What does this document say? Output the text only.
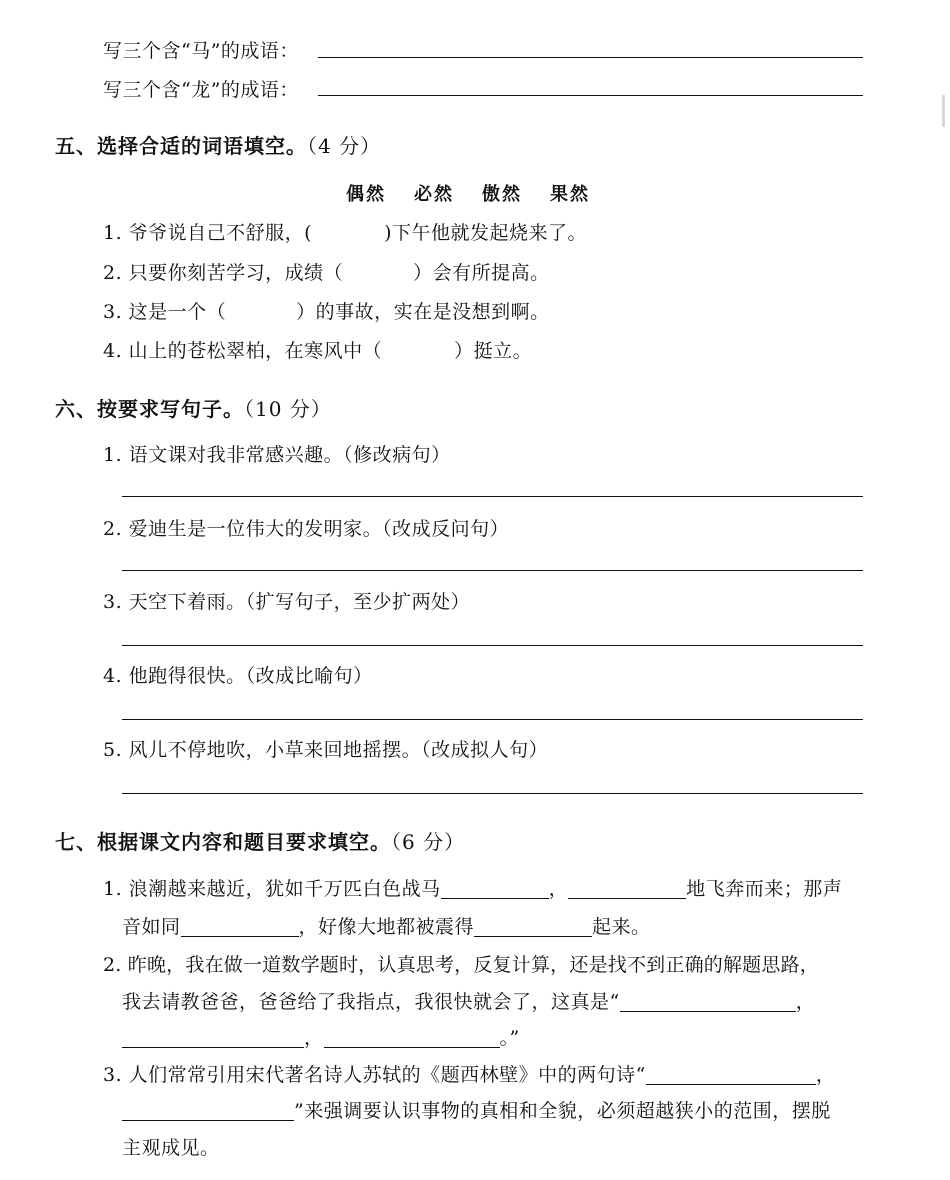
写三个含“马”的成语：
写三个含“龙”的成语：
五、选择合适的词语填空。（4 分）
偶然 必然 傲然 果然
1. 爷爷说自己不舒服，(	)下午他就发起烧来了。
2. 只要你刻苦学习，成绩（	）会有所提高。
3. 这是一个（	）的事故，实在是没想到啊。
4. 山上的苍松翠柏，在寒风中（	）挺立。
六、按要求写句子。（10 分）
1. 语文课对我非常感兴趣。（修改病句）
2. 爱迪生是一位伟大的发明家。（改成反问句）
3. 天空下着雨。（扩写句子，至少扩两处）
4. 他跑得很快。（改成比喻句）
5. 风儿不停地吹，小草来回地摇摆。（改成拟人句）
七、根据课文内容和题目要求填空。（6 分）
1. 浪潮越来越近，犹如千万匹白色战马	，	地飞奔而来；那声
音如同	，好像大地都被震得	起来。
2. 昨晚，我在做一道数学题时，认真思考，反复计算，还是找不到正确的解题思路，
我去请教爸爸，爸爸给了我指点，我很快就会了，这真是“	，
，	。”
3. 人们常常引用宋代著名诗人苏轼的《题西林壁》中的两句诗“	，
”来强调要认识事物的真相和全貌，必须超越狭小的范围，摆脱
主观成见。
